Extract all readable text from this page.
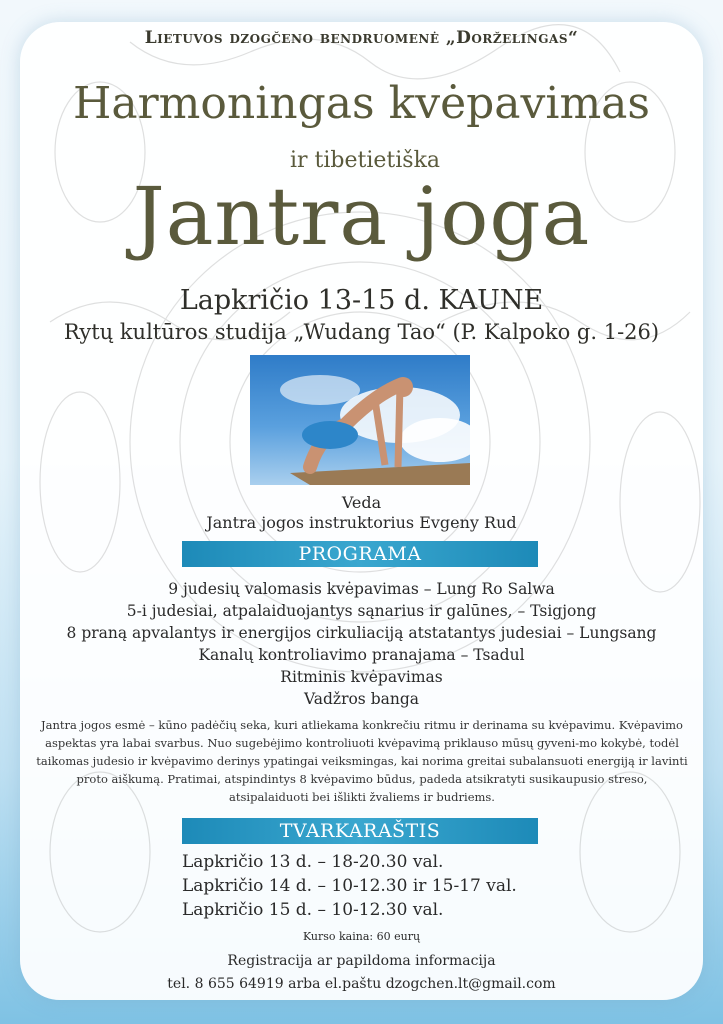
Lietuvos dzogčeno bendruomenė „Dorželingas“
Harmoningas kvėpavimas
ir tibetietiška
Jantra joga
Lapkričio 13-15 d. KAUNE
Rytų kultūros studija „Wudang Tao“ (P. Kalpoko g. 1-26)
Veda
Jantra jogos instruktorius Evgeny Rud
PROGRAMA
9 judesių valomasis kvėpavimas – Lung Ro Salwa
5-i judesiai, atpalaiduojantys sąnarius ir galūnes, – Tsigjong
8 praną apvalantys ir energijos cirkuliaciją atstatantys judesiai – Lungsang
Kanalų kontroliavimo pranajama – Tsadul
Ritminis kvėpavimas
Vadžros banga
Jantra jogos esmė – kūno padėčių seka, kuri atliekama konkrečiu ritmu ir derinama su kvėpavimu. Kvėpavimo aspektas yra labai svarbus. Nuo sugebėjimo kontroliuoti kvėpavimą priklauso mūsų gyveni-mo kokybė, todėl taikomas judesio ir kvėpavimo derinys ypatingai veiksmingas, kai norima greitai subalansuoti energiją ir lavinti proto aiškumą. Pratimai, atspindintys 8 kvėpavimo būdus, padeda atsikratyti susikaupusio streso, atsipalaiduoti bei išlikti žvaliems ir budriems.
TVARKARAŠTIS
Lapkričio 13 d. – 18-20.30 val.
Lapkričio 14 d. – 10-12.30 ir 15-17 val.
Lapkričio 15 d. – 10-12.30 val.
Kurso kaina: 60 eurų
Registracija ar papildoma informacija
tel. 8 655 64919 arba el.paštu dzogchen.lt@gmail.com
